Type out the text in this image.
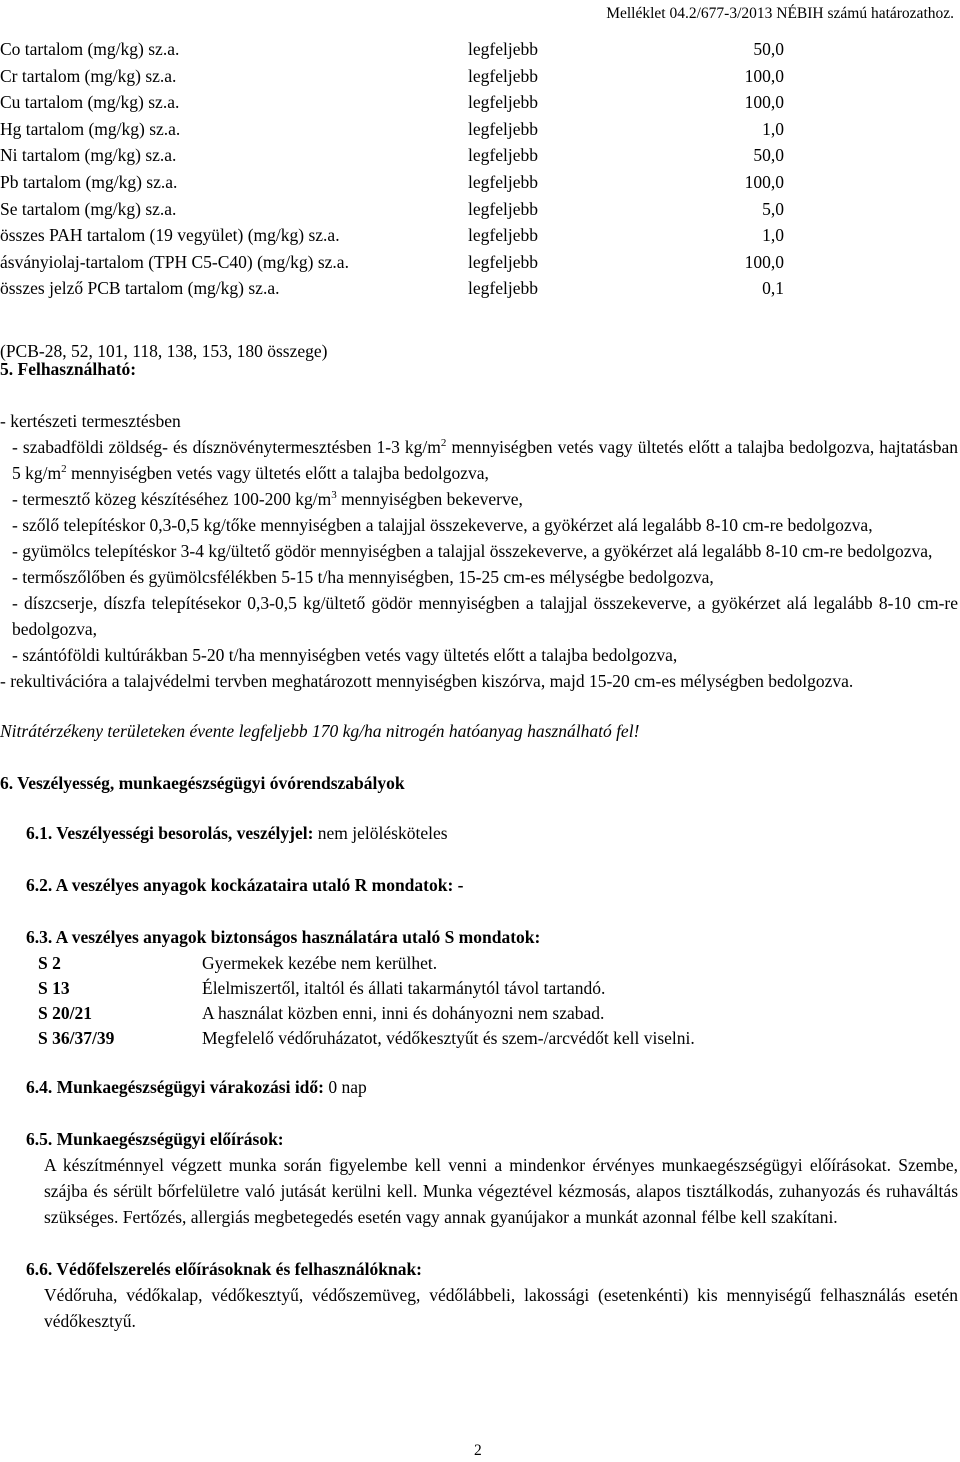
Melléklet 04.2/677-3/2013 NÉBIH számú határozathoz.
Co tartalom (mg/kg) sz.a.	legfeljebb	50,0
Cr tartalom (mg/kg) sz.a.	legfeljebb	100,0
Cu tartalom (mg/kg) sz.a.	legfeljebb	100,0
Hg tartalom (mg/kg) sz.a.	legfeljebb	1,0
Ni tartalom (mg/kg) sz.a.	legfeljebb	50,0
Pb tartalom (mg/kg) sz.a.	legfeljebb	100,0
Se tartalom (mg/kg) sz.a.	legfeljebb	5,0
összes PAH tartalom (19 vegyület) (mg/kg) sz.a.	legfeljebb	1,0
ásványiolaj-tartalom (TPH C5-C40) (mg/kg) sz.a.	legfeljebb	100,0
összes jelző PCB tartalom (mg/kg) sz.a.	legfeljebb	0,1
(PCB-28, 52, 101, 118, 138, 153, 180 összege)

5. Felhasználható:

- kertészeti termesztésben

- szabadföldi zöldség- és dísznövénytermesztésben 1-3 $kg/m^2$ mennyiségben vetés vagy ültetés előtt a talajba bedolgozva, hajtatásban 5 $kg/m^2$ mennyiségben vetés vagy ültetés előtt a talajba bedolgozva,

- termesztő közeg készítéséhez 100-200 $kg/m^3$ mennyiségben bekeverve,

- szőlő telepítéskor 0,3-0,5 kg/tőke mennyiségben a talajjal összekeverve, a gyökérzet alá legalább 8-10 cm-re bedolgozva,

- gyümölcs telepítéskor 3-4 kg/ültető gödör mennyiségben a talajjal összekeverve, a gyökérzet alá legalább 8-10 cm-re bedolgozva,

- termőszőlőben és gyümölcsfélékben 5-15 t/ha mennyiségben, 15-25 cm-es mélységbe bedolgozva,

- díszcserje, díszfa telepítésekor 0,3-0,5 kg/ültető gödör mennyiségben a talajjal összekeverve, a gyökérzet alá legalább 8-10 cm-re bedolgozva,

- szántóföldi kultúrákban 5-20 t/ha mennyiségben vetés vagy ültetés előtt a talajba bedolgozva,

- rekultivációra a talajvédelmi tervben meghatározott mennyiségben kiszórva, majd 15-20 cm-es mélységben bedolgozva.

Nitrátérzékeny területeken évente legfeljebb 170 kg/ha nitrogén hatóanyag használható fel!

6. Veszélyesség, munkaegészségügyi óvórendszabályok

6.1. Veszélyességi besorolás, veszélyjel: nem jelölésköteles

6.2. A veszélyes anyagok kockázataira utaló R mondatok: -

6.3. A veszélyes anyagok biztonságos használatára utaló S mondatok:

S 2	Gyermekek kezébe nem kerülhet.
S 13	Élelmiszertől, italtól és állati takarmánytól távol tartandó.
S 20/21	A használat közben enni, inni és dohányozni nem szabad.
S 36/37/39	Megfelelő védőruházatot, védőkesztyűt és szem-/arcvédőt kell viselni.

6.4. Munkaegészségügyi várakozási idő: 0 nap

6.5. Munkaegészségügyi előírások:

A készítménnyel végzett munka során figyelembe kell venni a mindenkor érvényes munkaegészségügyi előírásokat. Szembe, szájba és sérült bőrfelületre való jutását kerülni kell. Munka végeztével kézmosás, alapos tisztálkodás, zuhanyozás és ruhaváltás szükséges. Fertőzés, allergiás megbetegedés esetén vagy annak gyanújakor a munkát azonnal félbe kell szakítani.

6.6. Védőfelszerelés előírásoknak és felhasználóknak:

Védőruha, védőkalap, védőkesztyű, védőszemüveg, védőlábbeli, lakossági (esetenkénti) kis mennyiségű felhasználás esetén védőkesztyű.

2
